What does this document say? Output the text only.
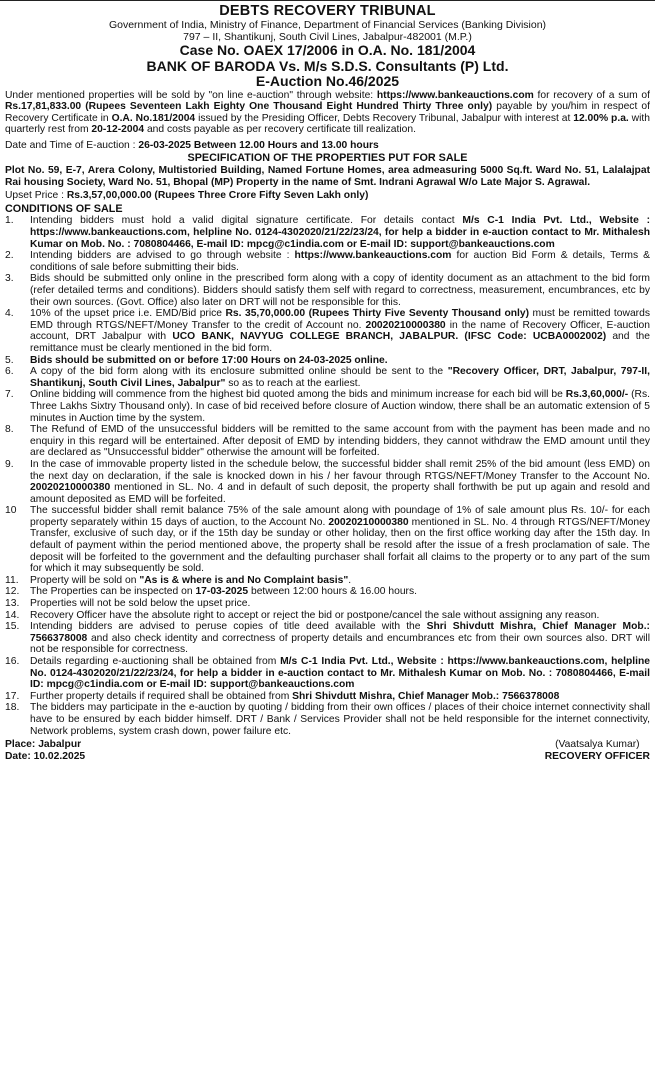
DEBTS RECOVERY TRIBUNAL
Government of India, Ministry of Finance, Department of Financial Services (Banking Division)
797 – II, Shantikunj, South Civil Lines, Jabalpur-482001 (M.P.)
Case No. OAEX 17/2006 in O.A. No. 181/2004
BANK OF BARODA Vs. M/s S.D.S. Consultants (P) Ltd.
E-Auction No.46/2025

Under mentioned properties will be sold by "on line e-auction" through website: https://www.bankeauctions.com for recovery of a sum of Rs.17,81,833.00 (Rupees Seventeen Lakh Eighty One Thousand Eight Hundred Thirty Three only) payable by you/him in respect of Recovery Certificate in O.A. No.181/2004 issued by the Presiding Officer, Debts Recovery Tribunal, Jabalpur with interest at 12.00% p.a. with quarterly rest from 20-12-2004 and costs payable as per recovery certificate till realization.

Date and Time of E-auction : 26-03-2025 Between 12.00 Hours and 13.00 hours

SPECIFICATION OF THE PROPERTIES PUT FOR SALE

Plot No. 59, E-7, Arera Colony, Multistoried Building, Named Fortune Homes, area admeasuring 5000 Sq.ft. Ward No. 51, Lalalajpat Rai housing Society, Ward No. 51, Bhopal (MP) Property in the name of Smt. Indrani Agrawal W/o Late Major S. Agrawal.

Upset Price : Rs.3,57,00,000.00 (Rupees Three Crore Fifty Seven Lakh only)

CONDITIONS OF SALE
1.	Intending bidders must hold a valid digital signature certificate. For details contact M/s C-1 India Pvt. Ltd., Website : https://www.bankeauctions.com, helpline No. 0124-4302020/21/22/23/24, for help a bidder in e-auction contact to Mr. Mithalesh Kumar on Mob. No. : 7080804466, E-mail ID: mpcg@c1india.com or E-mail ID: support@bankeauctions.com
2.	Intending bidders are advised to go through website : https://www.bankeauctions.com for auction Bid Form & details, Terms & conditions of sale before submitting their bids.
3.	Bids should be submitted only online in the prescribed form along with a copy of identity document as an attachment to the bid form (refer detailed terms and conditions). Bidders should satisfy them self with regard to correctness, measurement, encumbrances, etc by their own sources. (Govt. Office) also later on DRT will not be responsible for this.
4.	10% of the upset price i.e. EMD/Bid price Rs. 35,70,000.00 (Rupees Thirty Five Seventy Thousand only) must be remitted towards EMD through RTGS/NEFT/Money Transfer to the credit of Account no. 20020210000380 in the name of Recovery Officer, E-auction account, DRT Jabalpur with UCO BANK, NAVYUG COLLEGE BRANCH, JABALPUR. (IFSC Code: UCBA0002002) and the remittance must be clearly mentioned in the bid form.
5.	Bids should be submitted on or before 17:00 Hours on 24-03-2025 online.
6.	A copy of the bid form along with its enclosure submitted online should be sent to the "Recovery Officer, DRT, Jabalpur, 797-II, Shantikunj, South Civil Lines, Jabalpur" so as to reach at the earliest.
7.	Online bidding will commence from the highest bid quoted among the bids and minimum increase for each bid will be Rs.3,60,000/- (Rs. Three Lakhs Sixtry Thousand only). In case of bid received before closure of Auction window, there shall be an automatic extension of 5 minutes in Auction time by the system.
8.	The Refund of EMD of the unsuccessful bidders will be remitted to the same account from with the payment has been made and no enquiry in this regard will be entertained. After deposit of EMD by intending bidders, they cannot withdraw the EMD amount until they are declared as "Unsuccessful bidder" otherwise the amount will be forfeited.
9.	In the case of immovable property listed in the schedule below, the successful bidder shall remit 25% of the bid amount (less EMD) on the next day on declaration, if the sale is knocked down in his / her favour through RTGS/NEFT/Money Transfer to the Account No. 20020210000380 mentioned in SL. No. 4 and in default of such deposit, the property shall forthwith be put up again and resold and amount deposited as EMD will be forfeited.
10	The successful bidder shall remit balance 75% of the sale amount along with poundage of 1% of sale amount plus Rs. 10/- for each property separately within 15 days of auction, to the Account No. 20020210000380 mentioned in SL. No. 4 through RTGS/NEFT/Money Transfer, exclusive of such day, or if the 15th day be sunday or other holiday, then on the first office working day after the 15th day. In default of payment within the period mentioned above, the property shall be resold after the issue of a fresh proclamation of sale. The deposit will be forfeited to the government and the defaulting purchaser shall forfait all claims to the property or to any part of the sum for which it may subsequently be sold.
11.	Property will be sold on "As is & where is and No Complaint basis".
12.	The Properties can be inspected on 17-03-2025 between 12:00 hours & 16.00 hours.
13.	Properties will not be sold below the upset price.
14.	Recovery Officer have the absolute right to accept or reject the bid or postpone/cancel the sale without assigning any reason.
15.	Intending bidders are advised to peruse copies of title deed available with the Shri Shivdutt Mishra, Chief Manager Mob.: 7566378008 and also check identity and correctness of property details and encumbrances etc from their own sources also. DRT will not be responsible for correctness.
16.	Details regarding e-auctioning shall be obtained from M/s C-1 India Pvt. Ltd., Website : https://www.bankeauctions.com, helpline No. 0124-4302020/21/22/23/24, for help a bidder in e-auction contact to Mr. Mithalesh Kumar on Mob. No. : 7080804466, E-mail ID: mpcg@c1india.com or E-mail ID: support@bankeauctions.com
17.	Further property details if required shall be obtained from Shri Shivdutt Mishra, Chief Manager Mob.: 7566378008
18.	The bidders may participate in the e-auction by quoting / bidding from their own offices / places of their choice internet connectivity shall have to be ensured by each bidder himself. DRT / Bank / Services Provider shall not be held responsible for the internet connectivity, Network problems, system crash down, power failure etc.
Place: Jabalpur
Date: 10.02.2025
(Vaatsalya Kumar)
RECOVERY OFFICER
